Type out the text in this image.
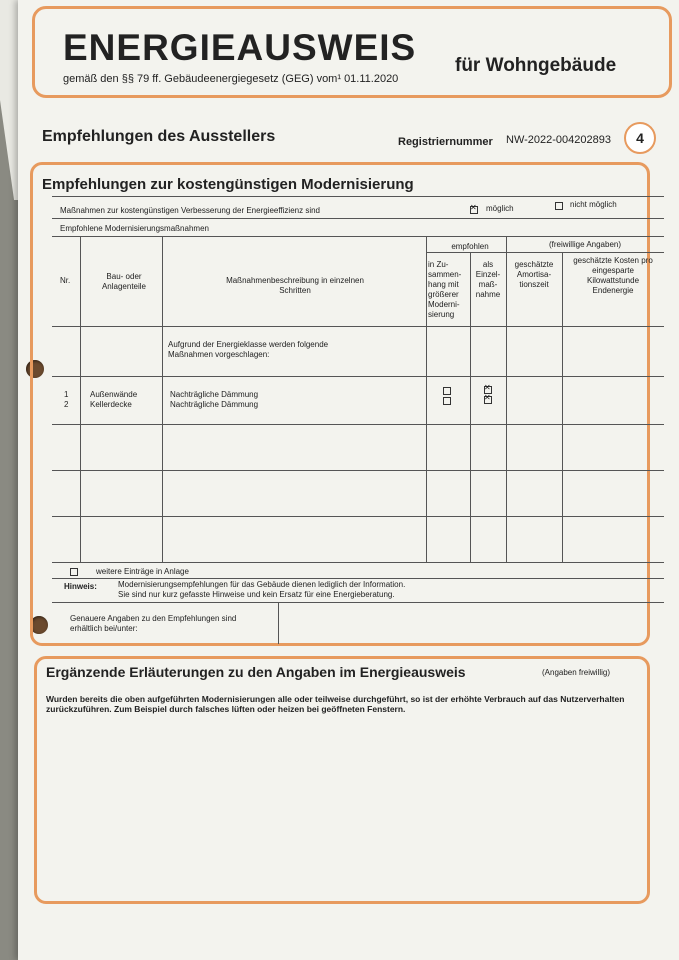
ENERGIEAUSWEIS für Wohngebäude
gemäß den §§ 79 ff. Gebäudeenergiegesetz (GEG) vom¹ 01.11.2020
Empfehlungen des Ausstellers	Registriernummer NW-2022-004202893	4
Empfehlungen zur kostengünstigen Modernisierung
Maßnahmen zur kostengünstigen Verbesserung der Energieeffizienz sind
✕	möglich	nicht möglich
Empfohlene Modernisierungsmaßnahmen
Nr.	Bau- oder Anlagenteile
Maßnahmenbeschreibung in einzelnen Schritten
empfohlen
in Zu- sammen- hang mit größerer Moderni- sierung
als Einzel- maß- nahme
(freiwillige Angaben)
geschätzte Amortisa- tionszeit
geschätzte Kosten pro eingesparte Kilowattstunde Endenergie
Aufgrund der Energieklasse werden folgende Maßnahmen vorgeschlagen:
1	Außenwände	Nachträgliche Dämmung
✕
2	Kellerdecke	Nachträgliche Dämmung
✕
weitere Einträge in Anlage
Hinweis:	Modernisierungsempfehlungen für das Gebäude dienen lediglich der Information.
Sie sind nur kurz gefasste Hinweise und kein Ersatz für eine Energieberatung.
Genauere Angaben zu den Empfehlungen sind erhältlich bei/unter:
Ergänzende Erläuterungen zu den Angaben im Energieausweis	(Angaben freiwillig)
Wurden bereits die oben aufgeführten Modernisierungen alle oder teilweise durchgeführt, so ist der erhöhte Verbrauch auf das Nutzerverhalten zurückzuführen. Zum Beispiel durch falsches lüften oder heizen bei geöffneten Fenstern.
